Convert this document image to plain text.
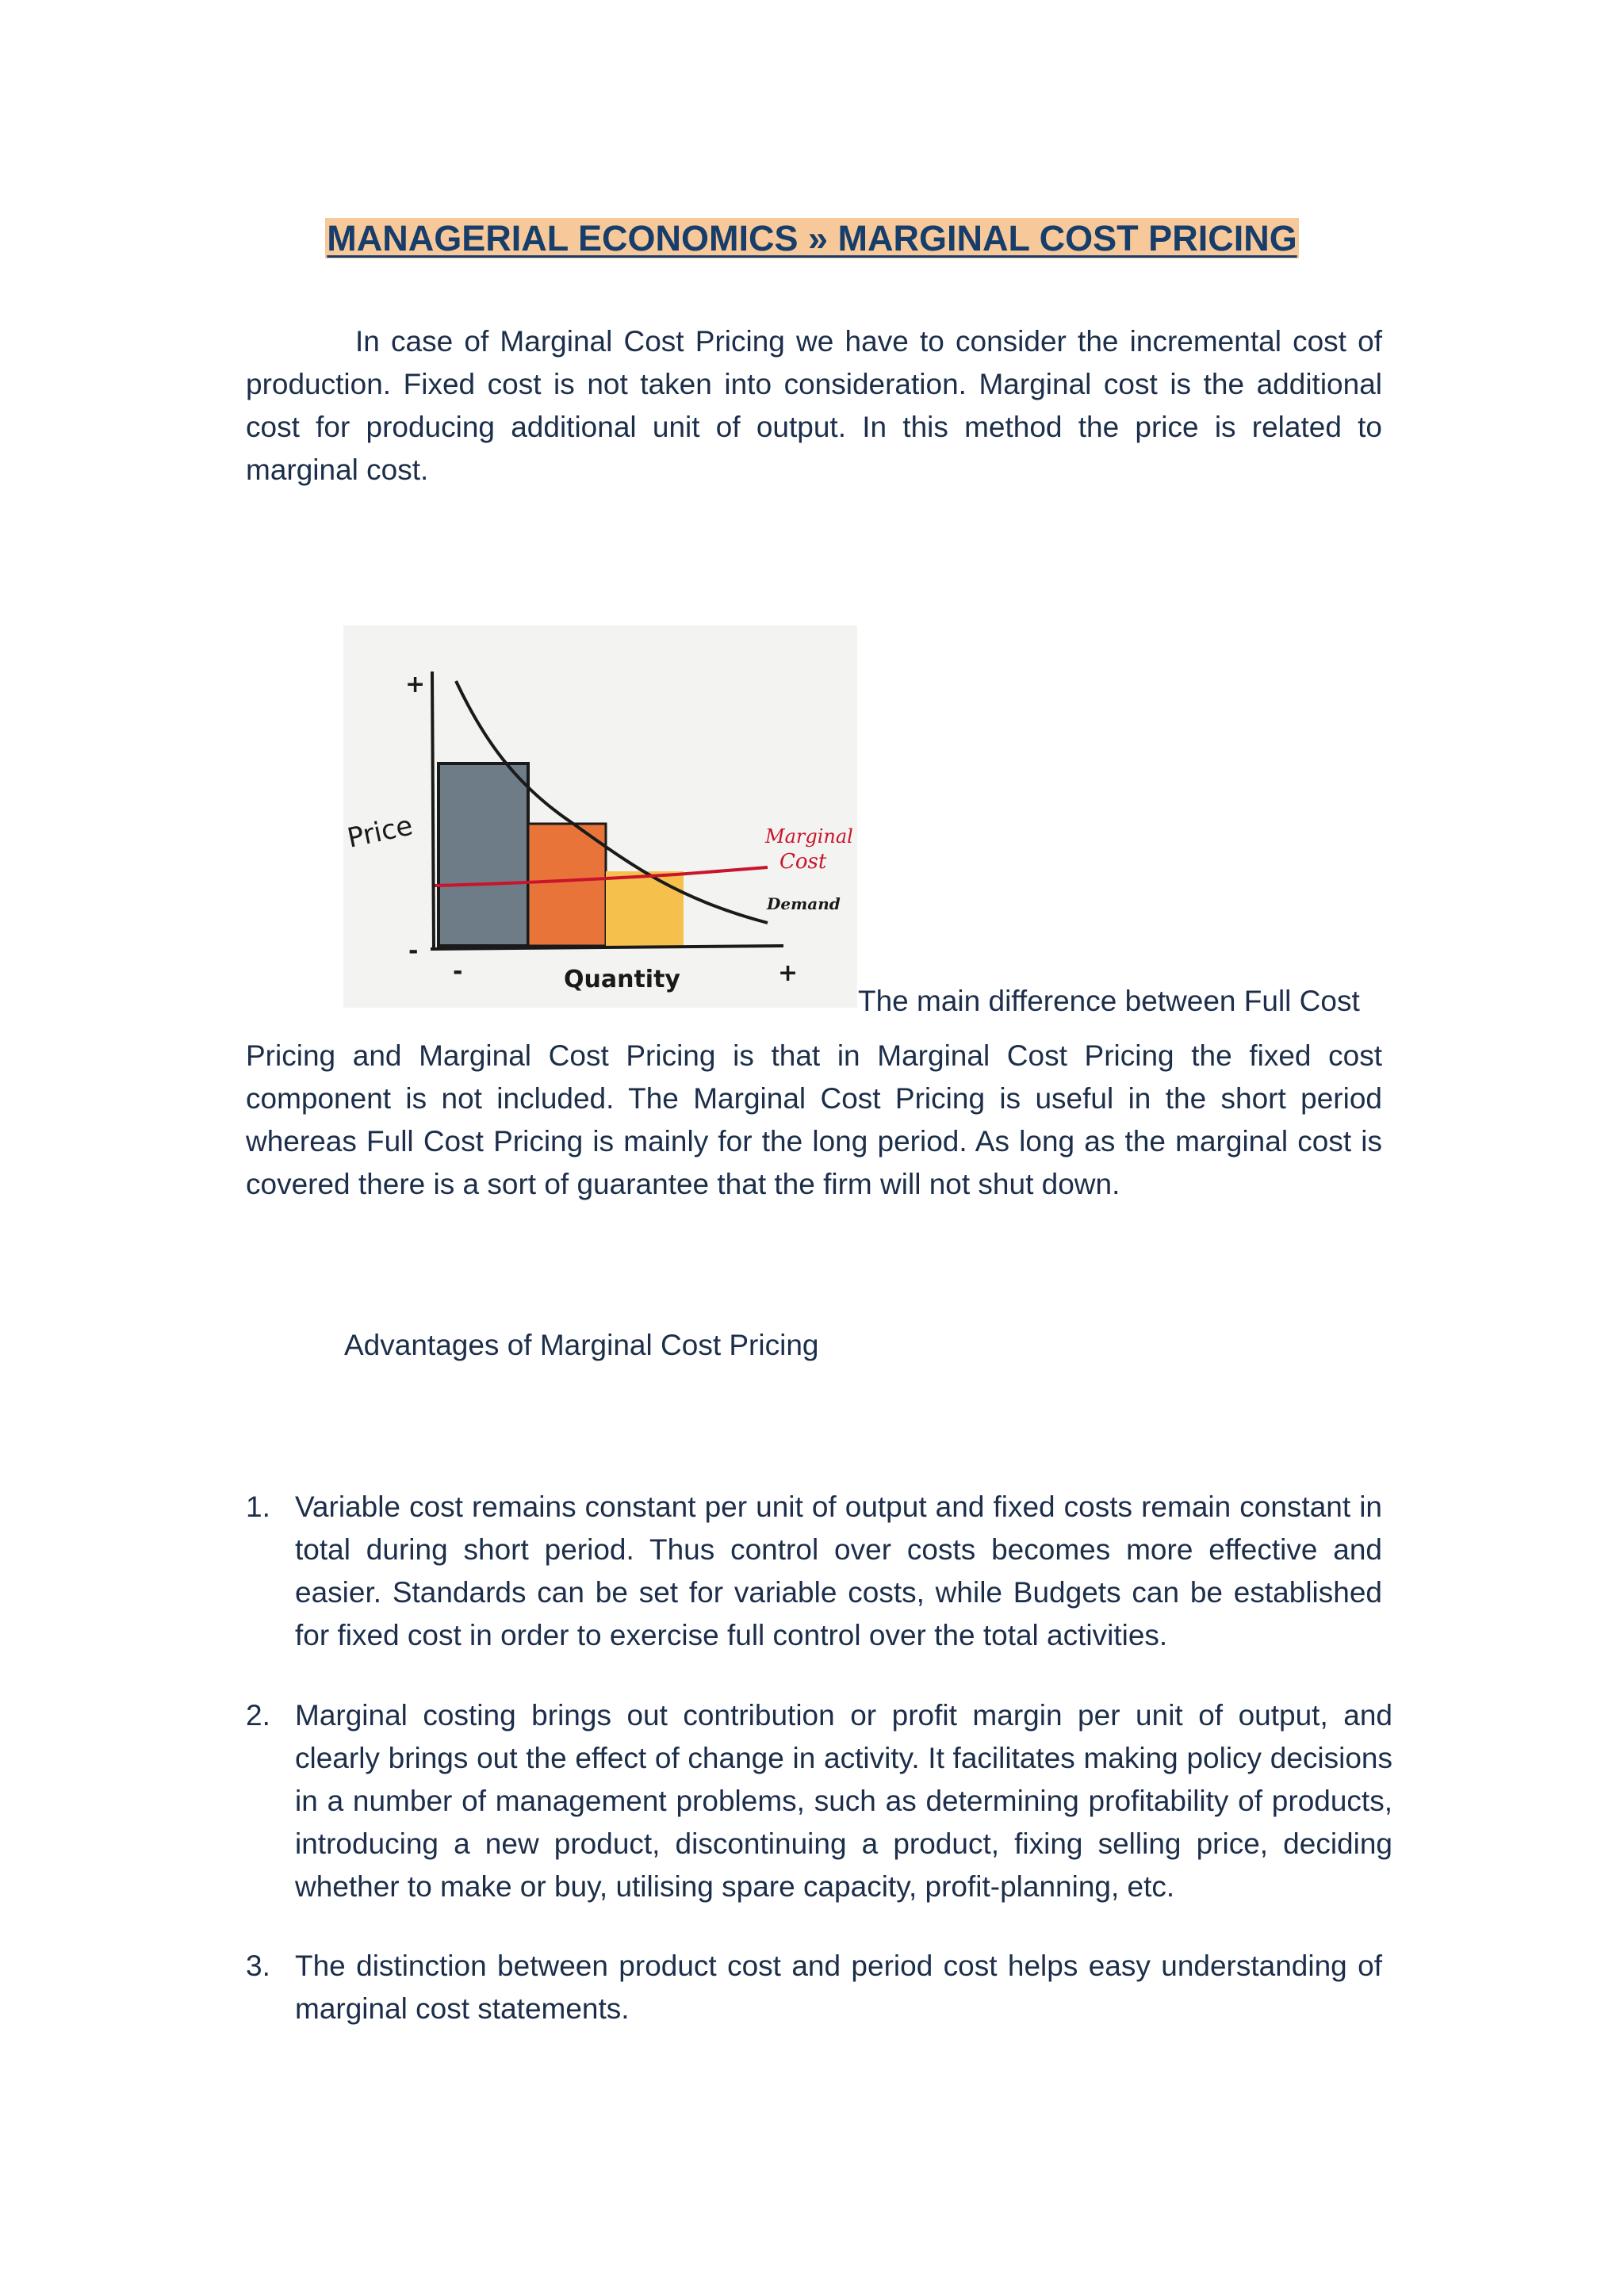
MANAGERIAL ECONOMICS » MARGINAL COST PRICING

In case of Marginal Cost Pricing we have to consider the incremental cost of production. Fixed cost is not taken into consideration. Marginal cost is the additional cost for producing additional unit of output. In this method the price is related to marginal cost.

+
-
Price
-	Quantity	+
Marginal
Cost
Demand

The main difference between Full Cost

Pricing and Marginal Cost Pricing is that in Marginal Cost Pricing the fixed cost component is not included. The Marginal Cost Pricing is useful in the short period whereas Full Cost Pricing is mainly for the long period. As long as the marginal cost is covered there is a sort of guarantee that the firm will not shut down.

Advantages of Marginal Cost Pricing

1. Variable cost remains constant per unit of output and fixed costs remain constant in total during short period. Thus control over costs becomes more effective and easier. Standards can be set for variable costs, while Budgets can be established for fixed cost in order to exercise full control over the total activities.
2. Marginal costing brings out contribution or profit margin per unit of output, and clearly brings out the effect of change in activity. It facilitates making policy decisions in a number of management problems, such as determining profitability of products, introducing a new product, discontinuing a product, fixing selling price, deciding whether to make or buy, utilising spare capacity, profit-planning, etc.
3. The distinction between product cost and period cost helps easy understanding of marginal cost statements.
